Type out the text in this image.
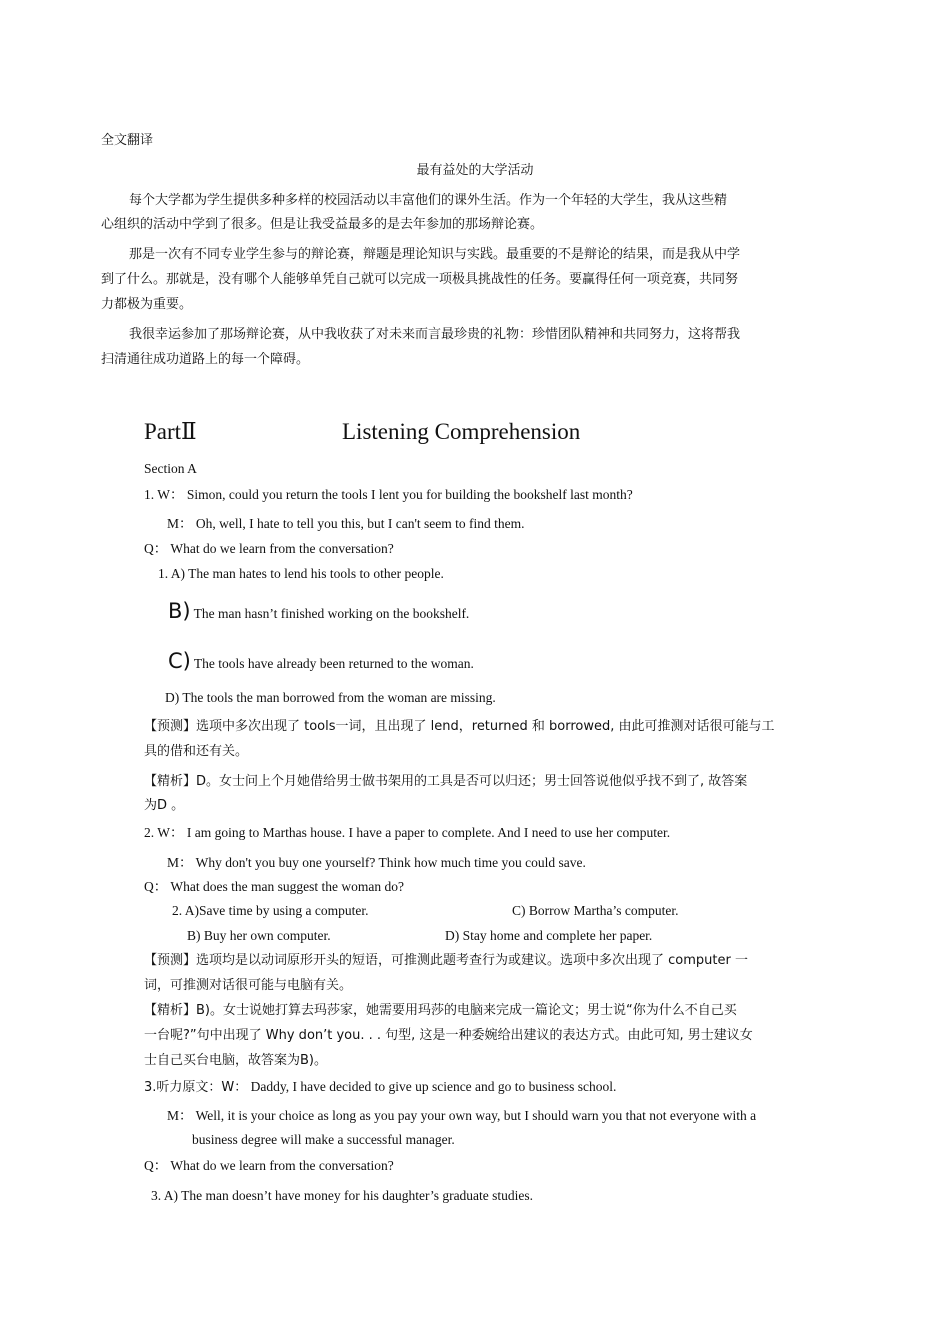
全文翻译
最有益处的大学活动
每个大学都为学生提供多种多样的校园活动以丰富他们的课外生活。作为一个年轻的大学生，我从这些精
心组织的活动中学到了很多。但是让我受益最多的是去年参加的那场辩论赛。
那是一次有不同专业学生参与的辩论赛，辩题是理论知识与实践。最重要的不是辩论的结果，而是我从中学
到了什么。那就是，没有哪个人能够单凭自己就可以完成一项极具挑战性的任务。要赢得任何一项竞赛，共同努
力都极为重要。
我很幸运参加了那场辩论赛，从中我收获了对未来而言最珍贵的礼物：珍惜团队精神和共同努力，这将帮我
扫清通往成功道路上的每一个障碍。
PartⅡ	Listening Comprehension
Section A
1. W： Simon, could you return the tools I lent you for building the bookshelf last month?
M： Oh, well, I hate to tell you this, but I can't seem to find them.
Q： What do we learn from the conversation?
1. A) The man hates to lend his tools to other people.
B) The man hasn’t finished working on the bookshelf.
C) The tools have already been returned to the woman.
D) The tools the man borrowed from the woman are missing.
【预测】选项中多次出现了 tools一词，且出现了 lend，returned 和 borrowed, 由此可推测对话很可能与工
具的借和还有关。
【精析】D。女士问上个月她借给男士做书架用的工具是否可以归还；男士回答说他似乎找不到了, 故答案
为D 。
2. W： I am going to Marthas house. I have a paper to complete. And I need to use her computer.
M： Why don't you buy one yourself? Think how much time you could save.
Q： What does the man suggest the woman do?
2. A)Save time by using a computer.	C) Borrow Martha’s computer.
B) Buy her own computer.	D) Stay home and complete her paper.
【预测】选项均是以动词原形开头的短语，可推测此题考查行为或建议。选项中多次出现了 computer 一
词，可推测对话很可能与电脑有关。
【精析】B)。女士说她打算去玛莎家，她需要用玛莎的电脑来完成一篇论文；男士说“你为什么不自己买
一台呢?”句中出现了 Why don’t you. . . 句型, 这是一种委婉给出建议的表达方式。由此可知, 男士建议女
士自己买台电脑，故答案为B)。
3.听力原文：W： Daddy, I have decided to give up science and go to business school.
M： Well, it is your choice as long as you pay your own way, but I should warn you that not everyone with a
business degree will make a successful manager.
Q： What do we learn from the conversation?
3. A) The man doesn’t have money for his daughter’s graduate studies.
